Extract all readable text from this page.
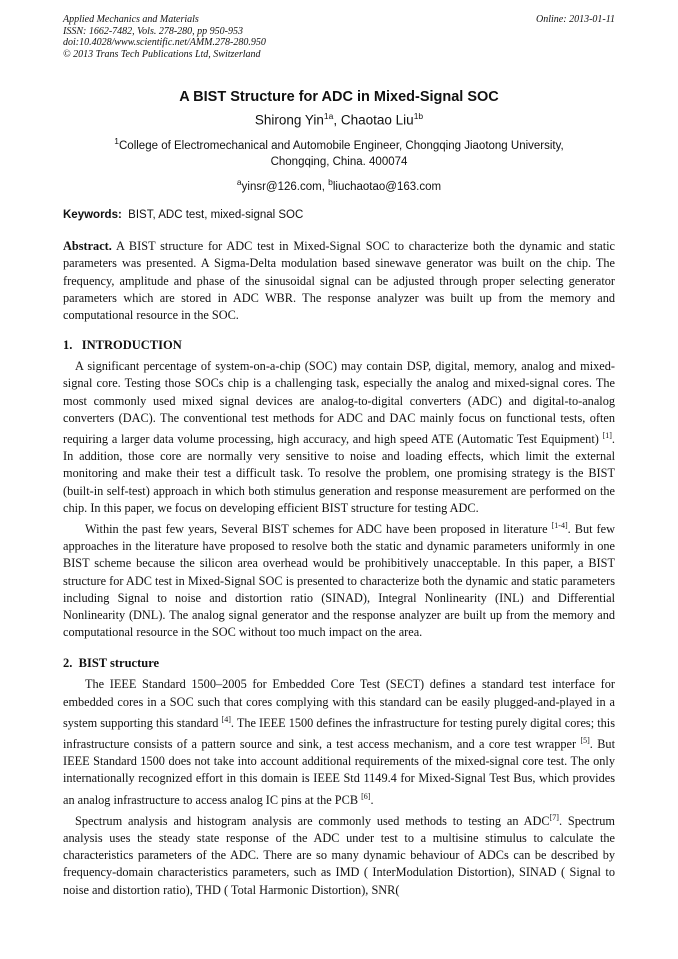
Applied Mechanics and Materials
ISSN: 1662-7482, Vols. 278-280, pp 950-953
doi:10.4028/www.scientific.net/AMM.278-280.950
© 2013 Trans Tech Publications Ltd, Switzerland
Online: 2013-01-11
A BIST Structure for ADC in Mixed-Signal SOC
Shirong Yin$^{1a}$, Chaotao Liu$^{1b}$
$^1$College of Electromechanical and Automobile Engineer, Chongqing Jiaotong University,
Chongqing, China. 400074
$^a$yinsr@126.com, $^b$liuchaotao@163.com
Keywords:  BIST, ADC test, mixed-signal SOC
Abstract. A BIST structure for ADC test in Mixed-Signal SOC to characterize both the dynamic and static parameters was presented. A Sigma-Delta modulation based sinewave generator was built on the chip. The frequency, amplitude and phase of the sinusoidal signal can be adjusted through proper selecting generator parameters which are stored in ADC WBR. The response analyzer was built up from the memory and computational resource in the SOC.
1.   INTRODUCTION

A significant percentage of system-on-a-chip (SOC) may contain DSP, digital, memory, analog and mixed-signal core. Testing those SOCs chip is a challenging task, especially the analog and mixed-signal cores. The most commonly used mixed signal devices are analog-to-digital converters (ADC) and digital-to-analog converters (DAC). The conventional test methods for ADC and DAC mainly focus on functional tests, often requiring a larger data volume processing, high accuracy, and high speed ATE (Automatic Test Equipment) [1]. In addition, those core are normally very sensitive to noise and loading effects, which limit the external monitoring and make their test a difficult task. To resolve the problem, one promising strategy is the BIST (built-in self-test) approach in which both stimulus generation and response measurement are performed on the chip. In this paper, we focus on developing efficient BIST structure for testing ADC.

Within the past few years, Several BIST schemes for ADC have been proposed in literature [1-4]. But few approaches in the literature have proposed to resolve both the static and dynamic parameters uniformly in one BIST scheme because the silicon area overhead would be prohibitively unacceptable. In this paper, a BIST structure for ADC test in Mixed-Signal SOC is presented to characterize both the dynamic and static parameters including Signal to noise and distortion ratio (SINAD), Integral Nonlinearity (INL) and Differential Nonlinearity (DNL). The analog signal generator and the response analyzer are built up from the memory and computational resource in the SOC without too much impact on the area.

2.  BIST structure

The IEEE Standard 1500–2005 for Embedded Core Test (SECT) defines a standard test interface for embedded cores in a SOC such that cores complying with this standard can be easily plugged-and-played in a system supporting this standard [4]. The IEEE 1500 defines the infrastructure for testing purely digital cores; this infrastructure consists of a pattern source and sink, a test access mechanism, and a core test wrapper [5]. But IEEE Standard 1500 does not take into account additional requirements of the mixed-signal core test. The only internationally recognized effort in this domain is IEEE Std 1149.4 for Mixed-Signal Test Bus, which provides an analog infrastructure to access analog IC pins at the PCB [6].

Spectrum analysis and histogram analysis are commonly used methods to testing an ADC[7]. Spectrum analysis uses the steady state response of the ADC under test to a multisine stimulus to calculate the characteristics parameters of the ADC. There are so many dynamic behaviour of ADCs can be described by frequency-domain characteristics parameters, such as IMD ( InterModulation Distortion), SINAD ( Signal to noise and distortion ratio), THD ( Total Harmonic Distortion), SNR(
